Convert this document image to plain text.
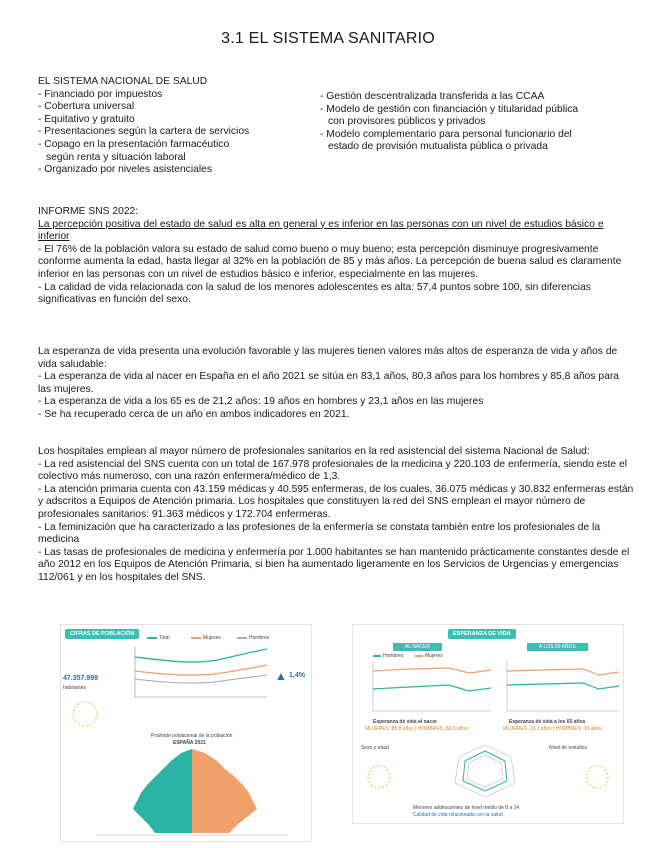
3.1 EL SISTEMA SANITARIO
EL SISTEMA NACIONAL DE SALUD
- Financiado por impuestos
- Cobertura universal
- Equitativo y gratuito
- Presentaciones según la cartera de servicios
- Copago en la presentación farmacéutico
según renta y situación laboral
- Organizado por niveles asistenciales
- Gestión descentralizada transferida a las CCAA
- Modelo de gestión con financiación y titularidad pública
con provisores públicos y privados
- Modelo complementario para personal funcionario del
estado de provisión mutualista pública o privada
INFORME SNS 2022:
La percepción positiva del estado de salud es alta en general y es inferior en las personas con un nivel de estudios básico e inferior
- El 76% de la población valora su estado de salud como bueno o muy bueno; esta percepción disminuye progresivamente conforme aumenta la edad, hasta llegar al 32% en la población de 85 y más años. La percepción de buena salud es claramente inferior en las personas con un nivel de estudios básico e inferior, especialmente en las mujeres.
- La calidad de vida relacionada con la salud de los menores adolescentes es alta: 57,4 puntos sobre 100, sin diferencias significativas en función del sexo.
La esperanza de vida presenta una evolución favorable y las mujeres tienen valores más altos de esperanza de vida y años de vida saludable:
- La esperanza de vida al nacer en España en el año 2021 se sitúa en 83,1 años, 80,3 años para los hombres y 85,8 años para las mujeres.
- La esperanza de vida a los 65 es de 21,2 años: 19 años en hombres y 23,1 años en las mujeres
- Se ha recuperado cerca de un año en ambos indicadores en 2021.
Los hospitales emplean al mayor número de profesionales sanitarios en la red asistencial del sistema Nacional de Salud:
- La red asistencial del SNS cuenta con un total de 167.978 profesionales de la medicina y 220.103 de enfermería, siendo este el colectivo más numeroso, con una razón enfermera/médico de 1,3.
- La atención primaria cuenta con 43.159 médicas y 40.595 enfermeras, de los cuales, 36.075 médicas y 30.832 enfermeras están y adscritos a Equipos de Atención primaria. Los hospitales que constituyen la red del SNS emplean el mayor número de profesionales sanitarios: 91.363 médicos y 172.704 enfermeras.
- La feminización que ha caracterizado a las profesiones de la enfermería se constata también entre los profesionales de la medicina
- Las tasas de profesionales de medicina y enfermería por 1.000 habitantes se han mantenido prácticamente constantes desde el año 2012 en los Equipos de Atención Primaria, si bien ha aumentado ligeramente en los Servicios de Urgencias y emergencias 112/061 y en los hospitales del SNS.
CIFRAS DE POBLACIÓN
Total	Mujeres	Hombres
47.357.999
habitantes
▲ 1,4%
Pirámide poblacional de la población
ESPAÑA 2021
ESPERANZA DE VIDA
AL NACER	A LOS 65 AÑOS
Hombres	Mujeres
Esperanza de vida al nacer
MUJERES: 85,8 años | HOMBRES: 80,3 años
Esperanza de vida a los 65 años
MUJERES: 23,1 años | HOMBRES: 19 años
Sexo y edad	Nivel de estudios
Menores adolescentes de nivel medio de 8 a 14
Calidad de vida relacionada con la salud
